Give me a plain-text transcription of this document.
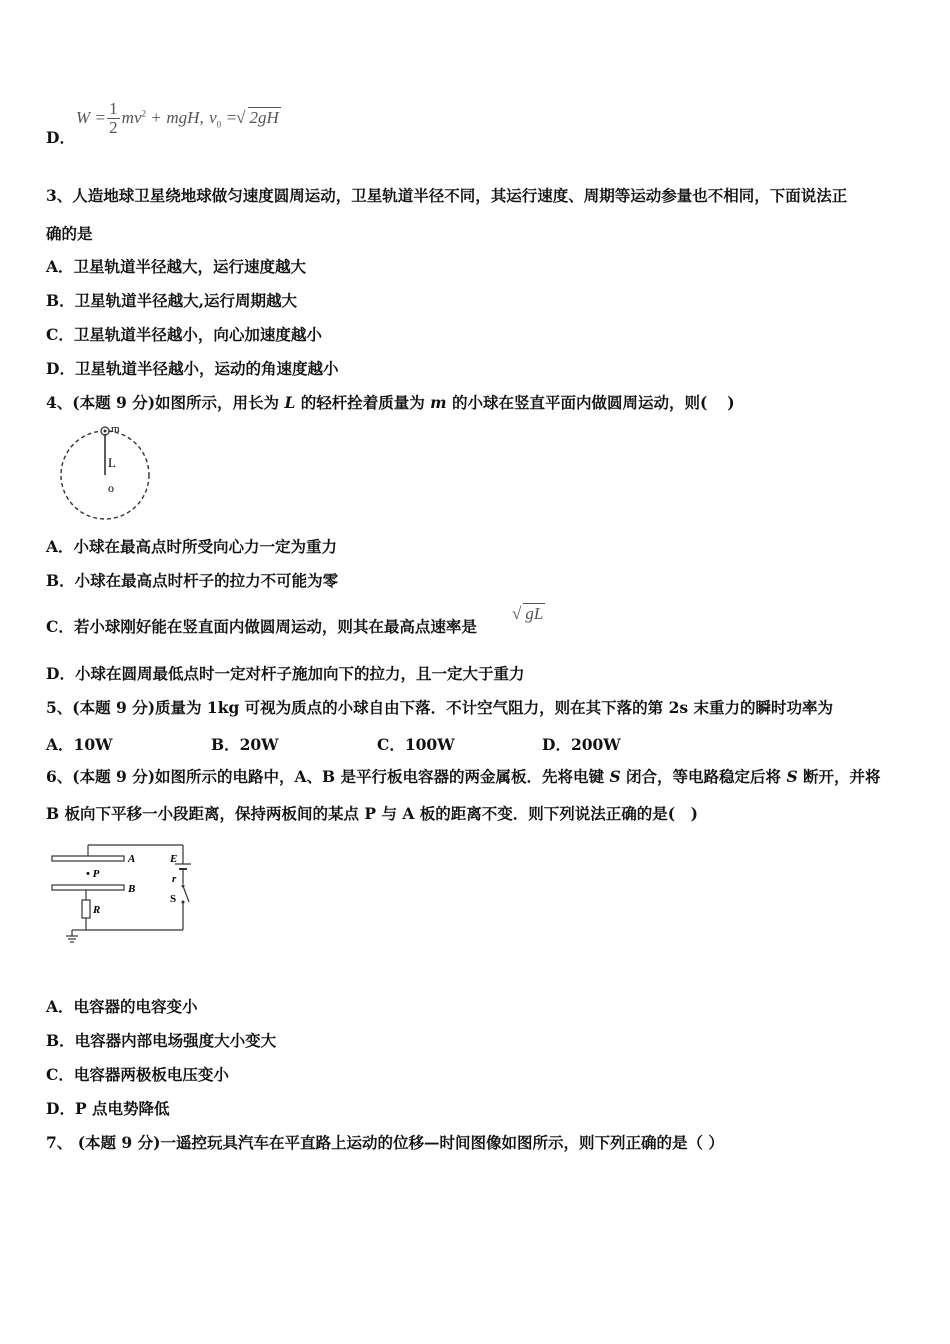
D．
$W = \frac{1}{2} mv^2$ + mgH, $v_0$ =√ 2gH
3、人造地球卫星绕地球做匀速度圆周运动，卫星轨道半径不同，其运行速度、周期等运动参量也不相同，下面说法正
确的是
A．卫星轨道半径越大，运行速度越大
B．卫星轨道半径越大,运行周期越大
C．卫星轨道半径越小，向心加速度越小
D．卫星轨道半径越小，运动的角速度越小
4、(本题 9 分)如图所示，用长为 L 的轻杆拴着质量为 m 的小球在竖直平面内做圆周运动，则( )
m
L
o
A．小球在最高点时所受向心力一定为重力
B．小球在最高点时杆子的拉力不可能为零
C．若小球刚好能在竖直面内做圆周运动，则其在最高点速率是
√ gL
D．小球在圆周最低点时一定对杆子施加向下的拉力，且一定大于重力
5、(本题 9 分)质量为 1kg 可视为质点的小球自由下落．不计空气阻力，则在其下落的第 2s 末重力的瞬时功率为
A．10W	B．20W	C．100W	D．200W
6、(本题 9 分)如图所示的电路中，A、B 是平行板电容器的两金属板．先将电键 S 闭合，等电路稳定后将 S 断开，并将
B 板向下平移一小段距离，保持两板间的某点 P 与 A 板的距离不变．则下列说法正确的是(　)
A
B
• P
R
E
r
S
A．电容器的电容变小
B．电容器内部电场强度大小变大
C．电容器两极板电压变小
D．P 点电势降低
7、 (本题 9 分)一遥控玩具汽车在平直路上运动的位移—时间图像如图所示，则下列正确的是（ ）
